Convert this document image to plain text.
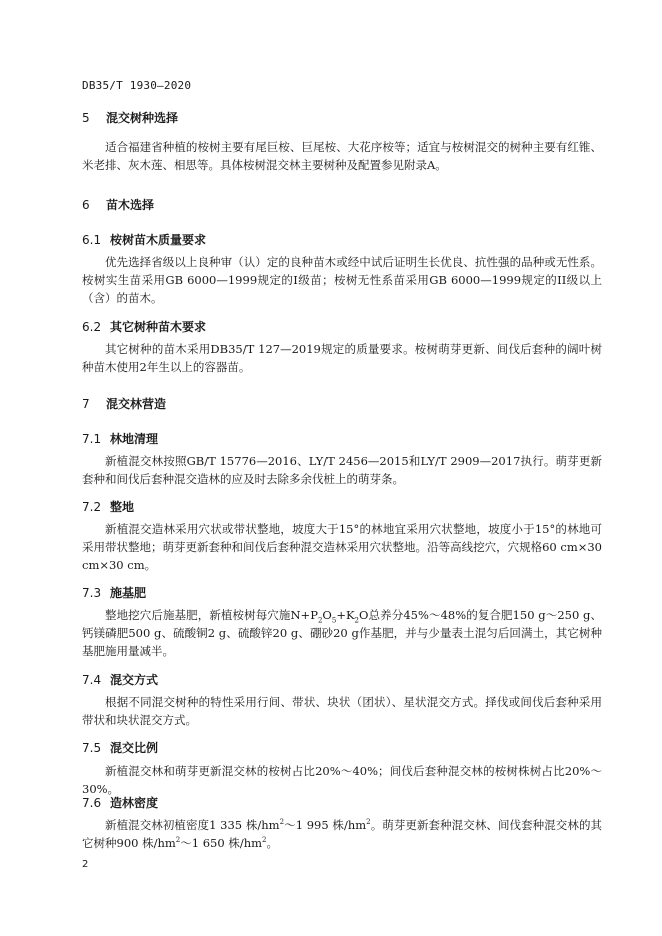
DB35/T 1930—2020
5 混交树种选择
适合福建省种植的桉树主要有尾巨桉、巨尾桉、大花序桉等；适宜与桉树混交的树种主要有红锥、米老排、灰木莲、相思等。具体桉树混交林主要树种及配置参见附录A。
6 苗木选择
6.1 桉树苗木质量要求
优先选择省级以上良种审（认）定的良种苗木或经中试后证明生长优良、抗性强的品种或无性系。桉树实生苗采用GB 6000—1999规定的I级苗；桉树无性系苗采用GB 6000—1999规定的II级以上（含）的苗木。
6.2 其它树种苗木要求
其它树种的苗木采用DB35/T 127—2019规定的质量要求。桉树萌芽更新、间伐后套种的阔叶树种苗木使用2年生以上的容器苗。
7 混交林营造
7.1 林地清理
新植混交林按照GB/T 15776—2016、LY/T 2456—2015和LY/T 2909—2017执行。萌芽更新套种和间伐后套种混交造林的应及时去除多余伐桩上的萌芽条。
7.2 整地
新植混交造林采用穴状或带状整地，坡度大于15°的林地宜采用穴状整地，坡度小于15°的林地可采用带状整地；萌芽更新套种和间伐后套种混交造林采用穴状整地。沿等高线挖穴，穴规格60 cm×30 cm×30 cm。
7.3 施基肥
整地挖穴后施基肥，新植桉树每穴施$N+P_2O_5+K_2O$总养分45%～48%的复合肥150 g～250 g、钙镁磷肥500 g、硫酸铜2 g、硫酸锌20 g、硼砂20 g作基肥，并与少量表土混匀后回满土，其它树种基肥施用量减半。
7.4 混交方式
根据不同混交树种的特性采用行间、带状、块状（团状）、星状混交方式。择伐或间伐后套种采用带状和块状混交方式。
7.5 混交比例
新植混交林和萌芽更新混交林的桉树占比20%～40%；间伐后套种混交林的桉树株树占比20%～30%。
7.6 造林密度
新植混交林初植密度1 335 株$/hm^2\sim 1$ 995 株$/hm^2$。萌芽更新套种混交林、间伐套种混交林的其它树种900 株$/hm^2\sim 1$ 650 株$/hm^2$。
2
